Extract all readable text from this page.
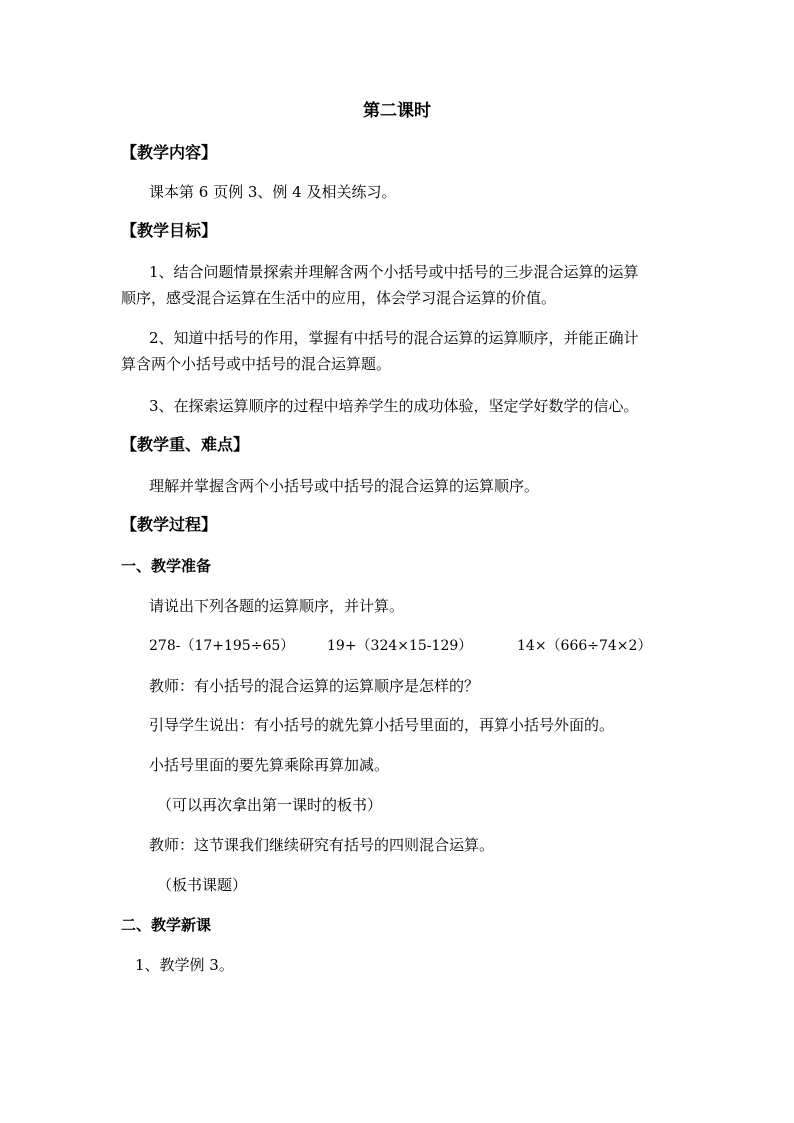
第二课时
【教学内容】
课本第 6 页例 3、例 4 及相关练习。
【教学目标】
1、结合问题情景探索并理解含两个小括号或中括号的三步混合运算的运算
顺序，感受混合运算在生活中的应用，体会学习混合运算的价值。
2、知道中括号的作用，掌握有中括号的混合运算的运算顺序，并能正确计
算含两个小括号或中括号的混合运算题。
3、在探索运算顺序的过程中培养学生的成功体验，坚定学好数学的信心。
【教学重、难点】
理解并掌握含两个小括号或中括号的混合运算的运算顺序。
【教学过程】
一、教学准备
请说出下列各题的运算顺序，并计算。
278-（17+195÷65） 19+（324×15-129）	14×（666÷74×2）
教师：有小括号的混合运算的运算顺序是怎样的？
引导学生说出：有小括号的就先算小括号里面的，再算小括号外面的。
小括号里面的要先算乘除再算加减。
（可以再次拿出第一课时的板书）
教师：这节课我们继续研究有括号的四则混合运算。
（板书课题）
二、教学新课
1、教学例 3。
